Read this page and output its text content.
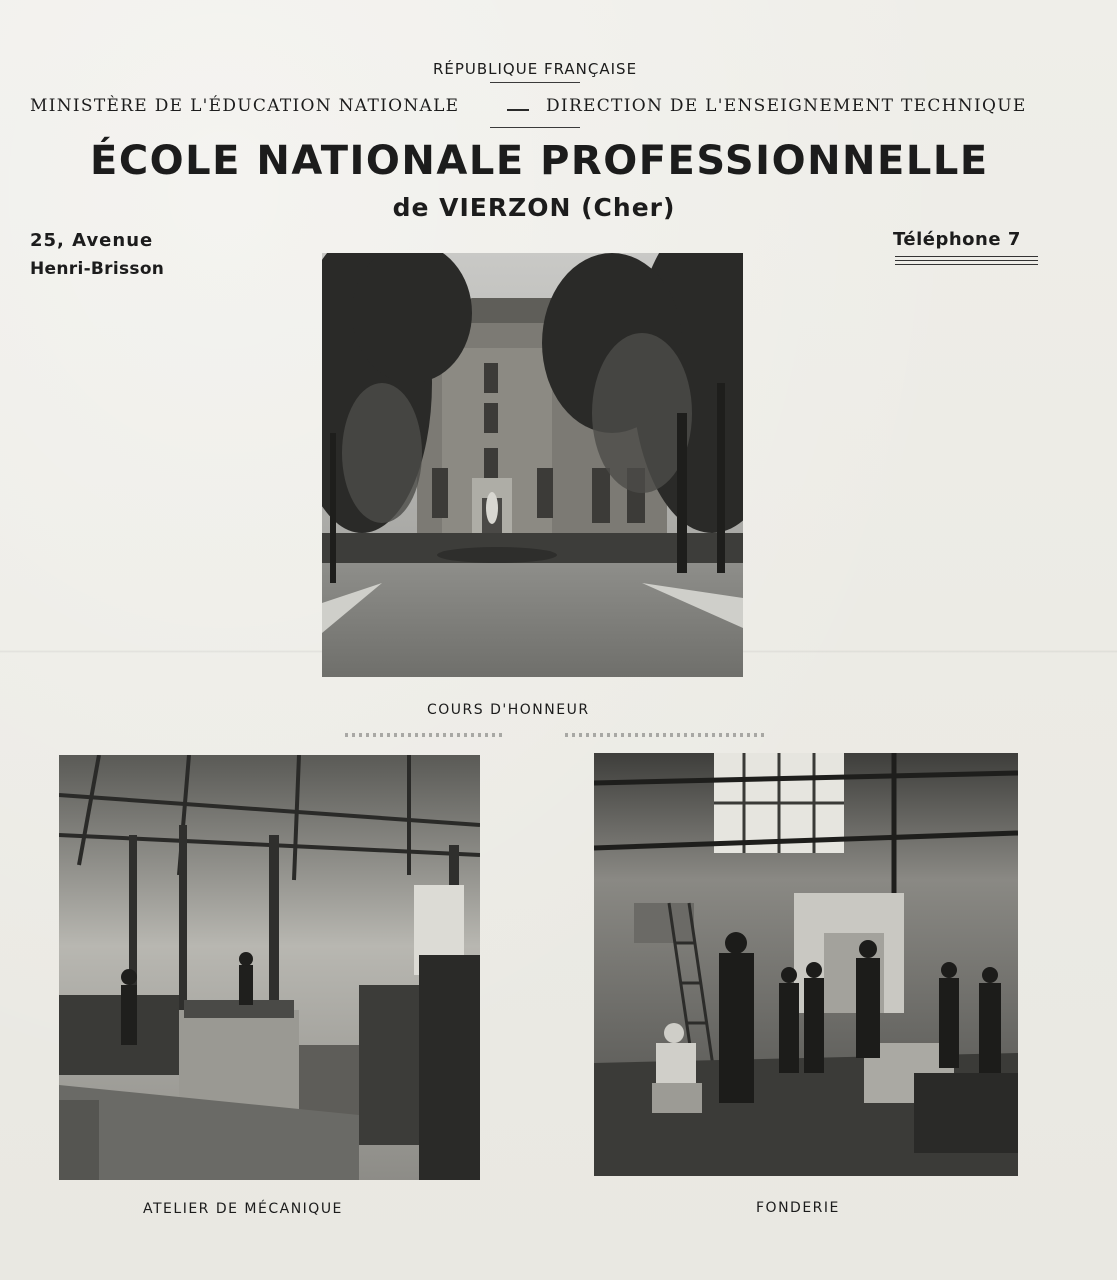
RÉPUBLIQUE FRANÇAISE
MINISTÈRE DE L'ÉDUCATION NATIONALE	DIRECTION DE L'ENSEIGNEMENT TECHNIQUE
ÉCOLE NATIONALE PROFESSIONNELLE
de VIERZON (Cher)
25, Avenue
Henri-Brisson
Téléphone 7
COURS D'HONNEUR
ATELIER DE MÉCANIQUE	FONDERIE
